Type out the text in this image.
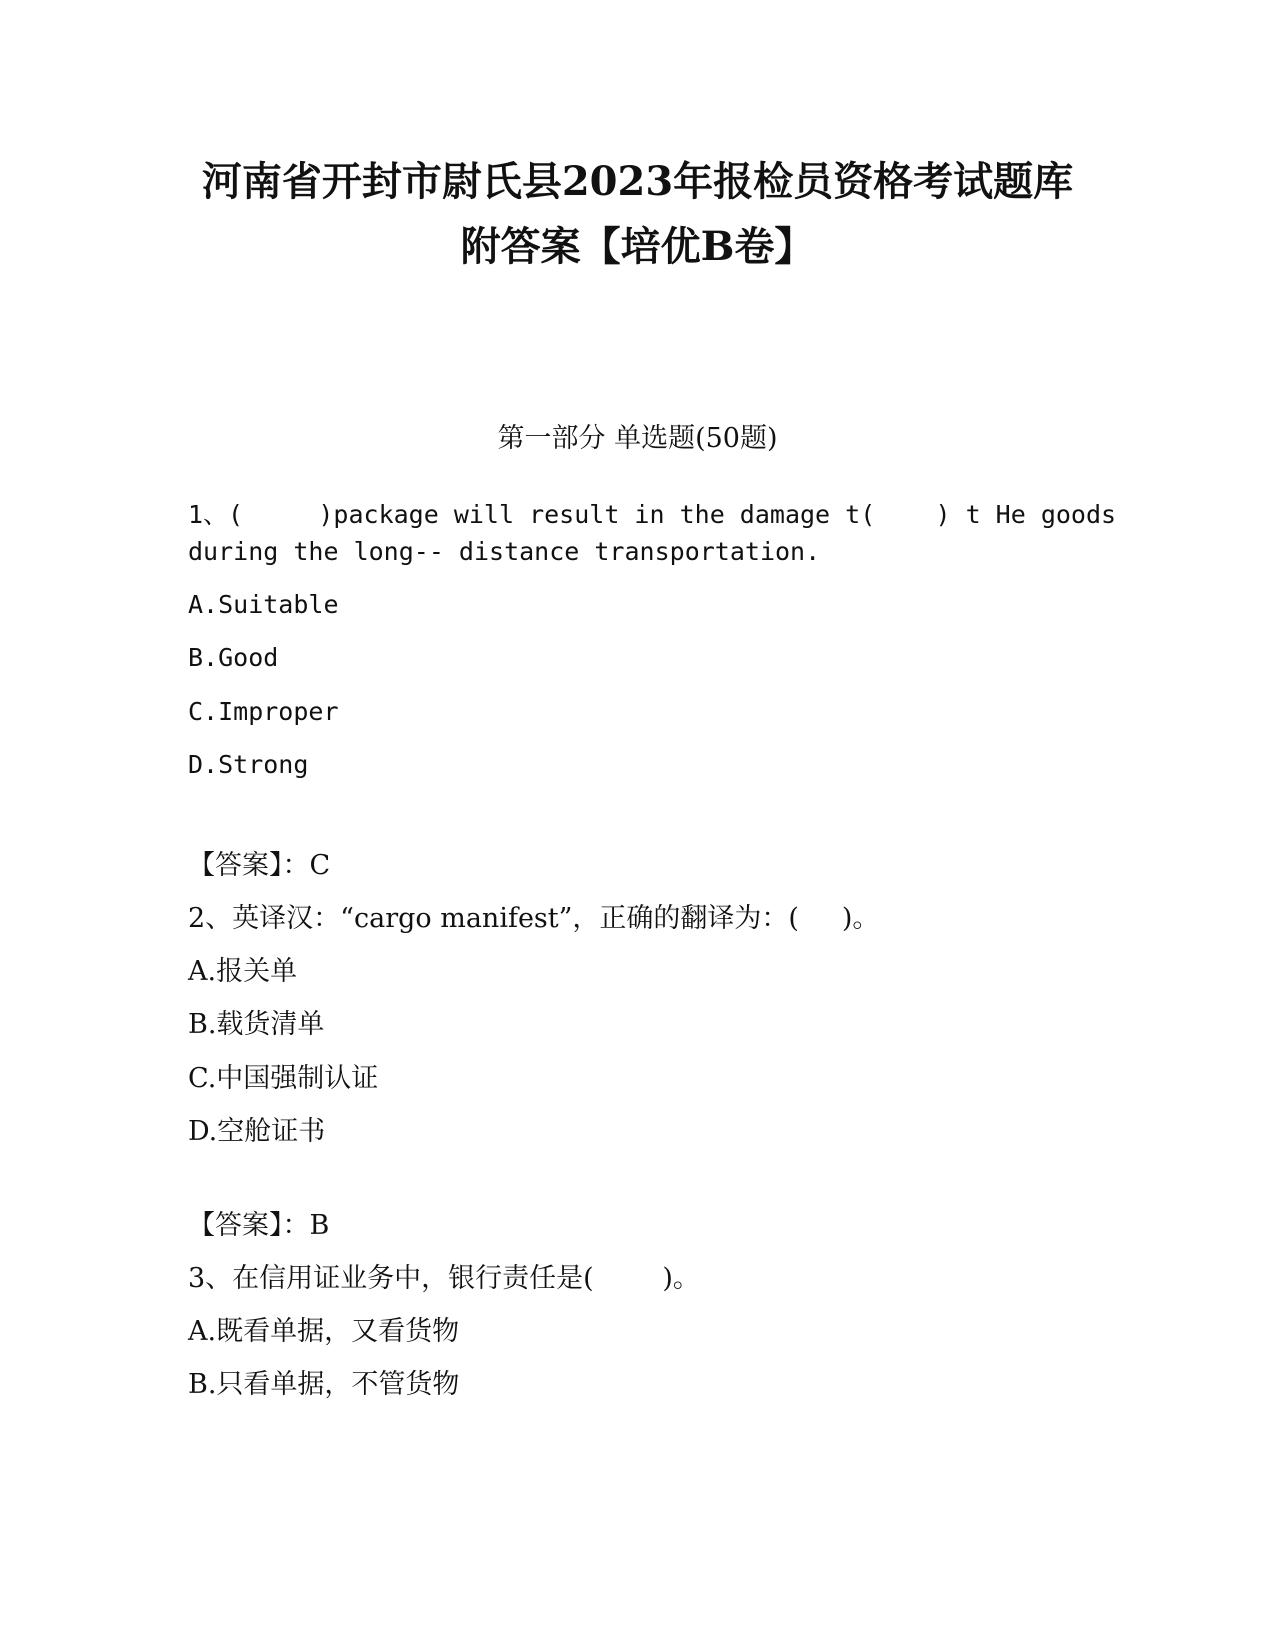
河南省开封市尉氏县2023年报检员资格考试题库
附答案【培优B卷】
第一部分 单选题(50题)
1、(     )package will result in the damage t(    ) t He goods
during the long-- distance transportation.
A.Suitable
B.Good
C.Improper
D.Strong
【答案】：C
2、英译汉：“cargo manifest”，正确的翻译为：(     )。
A.报关单
B.载货清单
C.中国强制认证
D.空舱证书
【答案】：B
3、在信用证业务中，银行责任是(        )。
A.既看单据，又看货物
B.只看单据，不管货物
